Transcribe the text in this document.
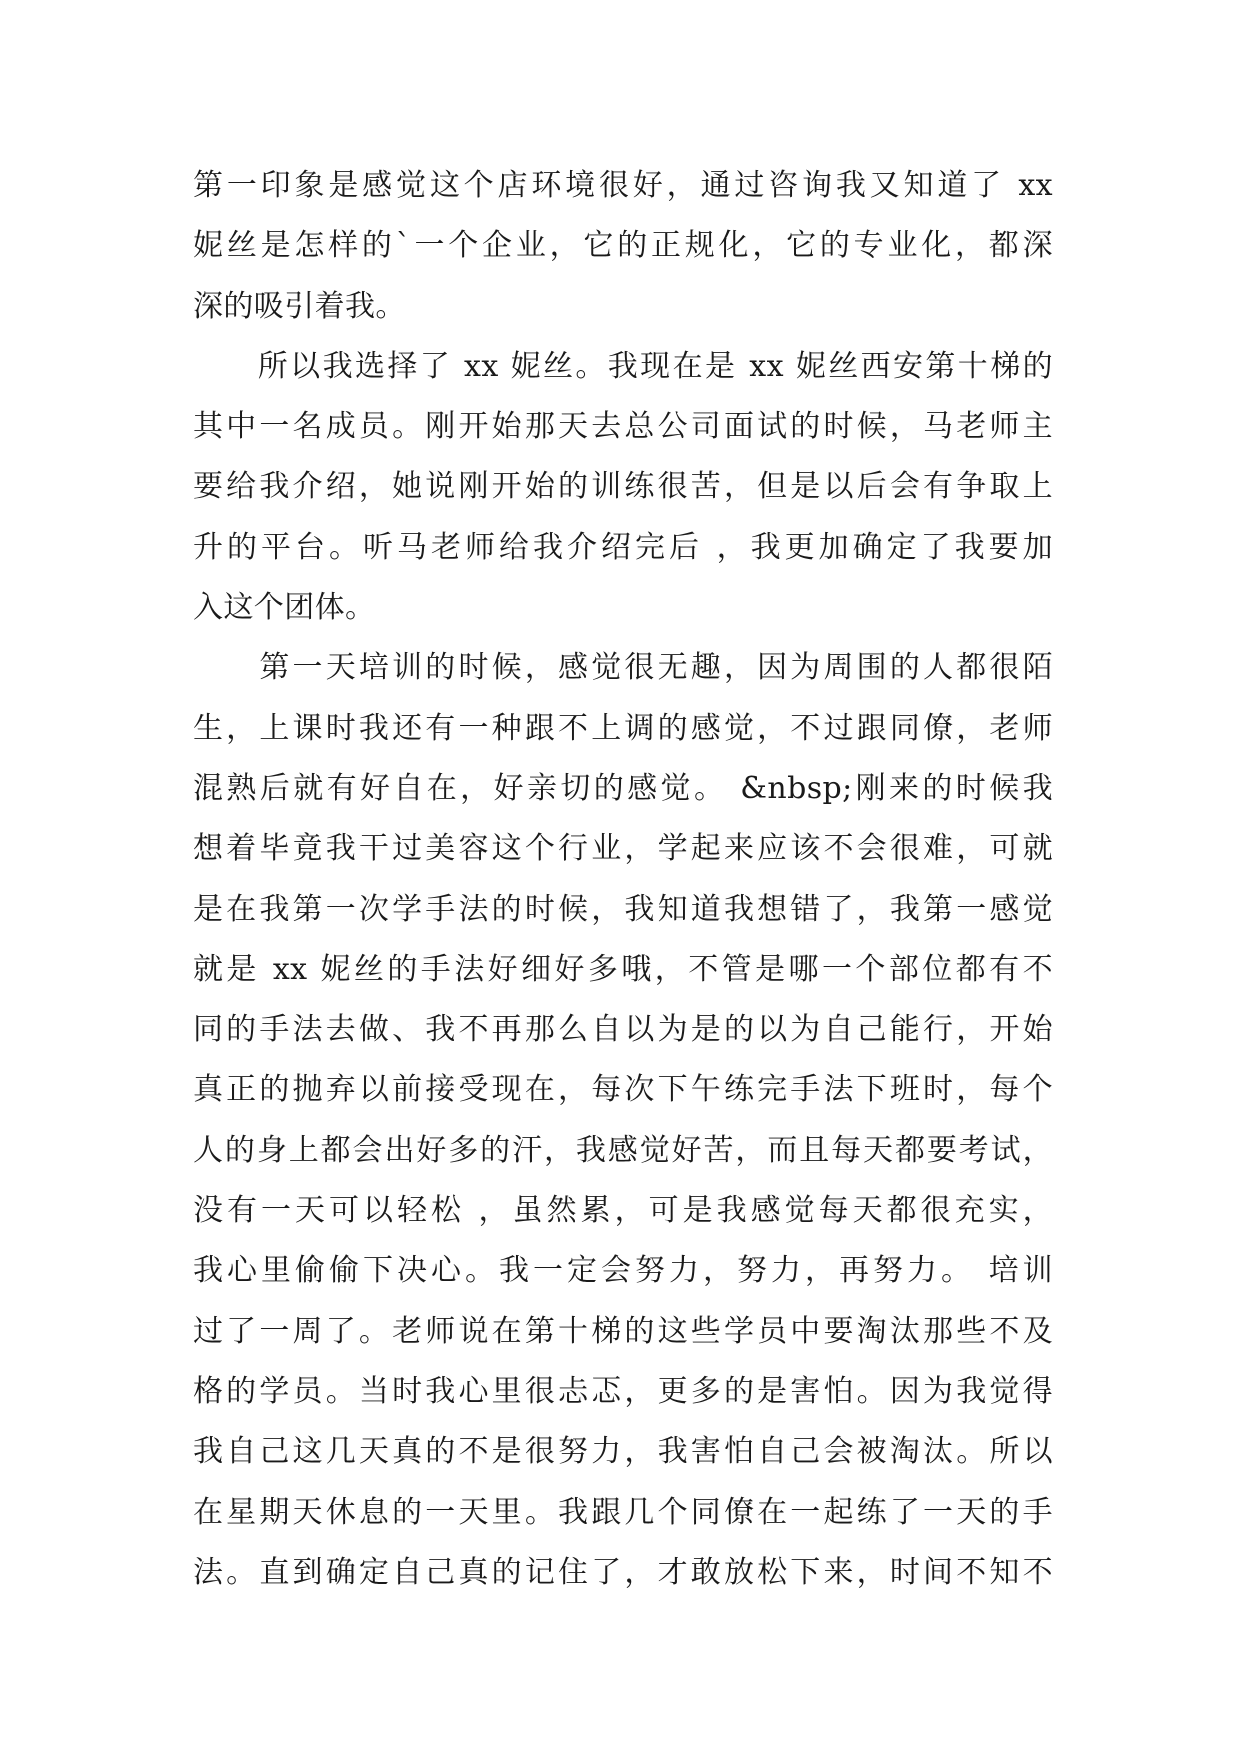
第一印象是感觉这个店环境很好，通过咨询我又知道了 xx
妮丝是怎样的`一个企业，它的正规化，它的专业化，都深
深的吸引着我。
　　所以我选择了 xx 妮丝。我现在是 xx 妮丝西安第十梯的
其中一名成员。刚开始那天去总公司面试的时候，马老师主
要给我介绍，她说刚开始的训练很苦，但是以后会有争取上
升的平台。听马老师给我介绍完后 ，我更加确定了我要加
入这个团体。
　　第一天培训的时候，感觉很无趣，因为周围的人都很陌
生，上课时我还有一种跟不上调的感觉，不过跟同僚，老师
混熟后就有好自在，好亲切的感觉。 &nbsp;刚来的时候我
想着毕竟我干过美容这个行业，学起来应该不会很难，可就
是在我第一次学手法的时候，我知道我想错了，我第一感觉
就是 xx 妮丝的手法好细好多哦，不管是哪一个部位都有不
同的手法去做、我不再那么自以为是的以为自己能行，开始
真正的抛弃以前接受现在，每次下午练完手法下班时，每个
人的身上都会出好多的汗，我感觉好苦，而且每天都要考试，
没有一天可以轻松 ，虽然累，可是我感觉每天都很充实，
我心里偷偷下决心。我一定会努力，努力，再努力。 培训
过了一周了。老师说在第十梯的这些学员中要淘汰那些不及
格的学员。当时我心里很忐忑，更多的是害怕。因为我觉得
我自己这几天真的不是很努力，我害怕自己会被淘汰。所以
在星期天休息的一天里。我跟几个同僚在一起练了一天的手
法。直到确定自己真的记住了，才敢放松下来，时间不知不
